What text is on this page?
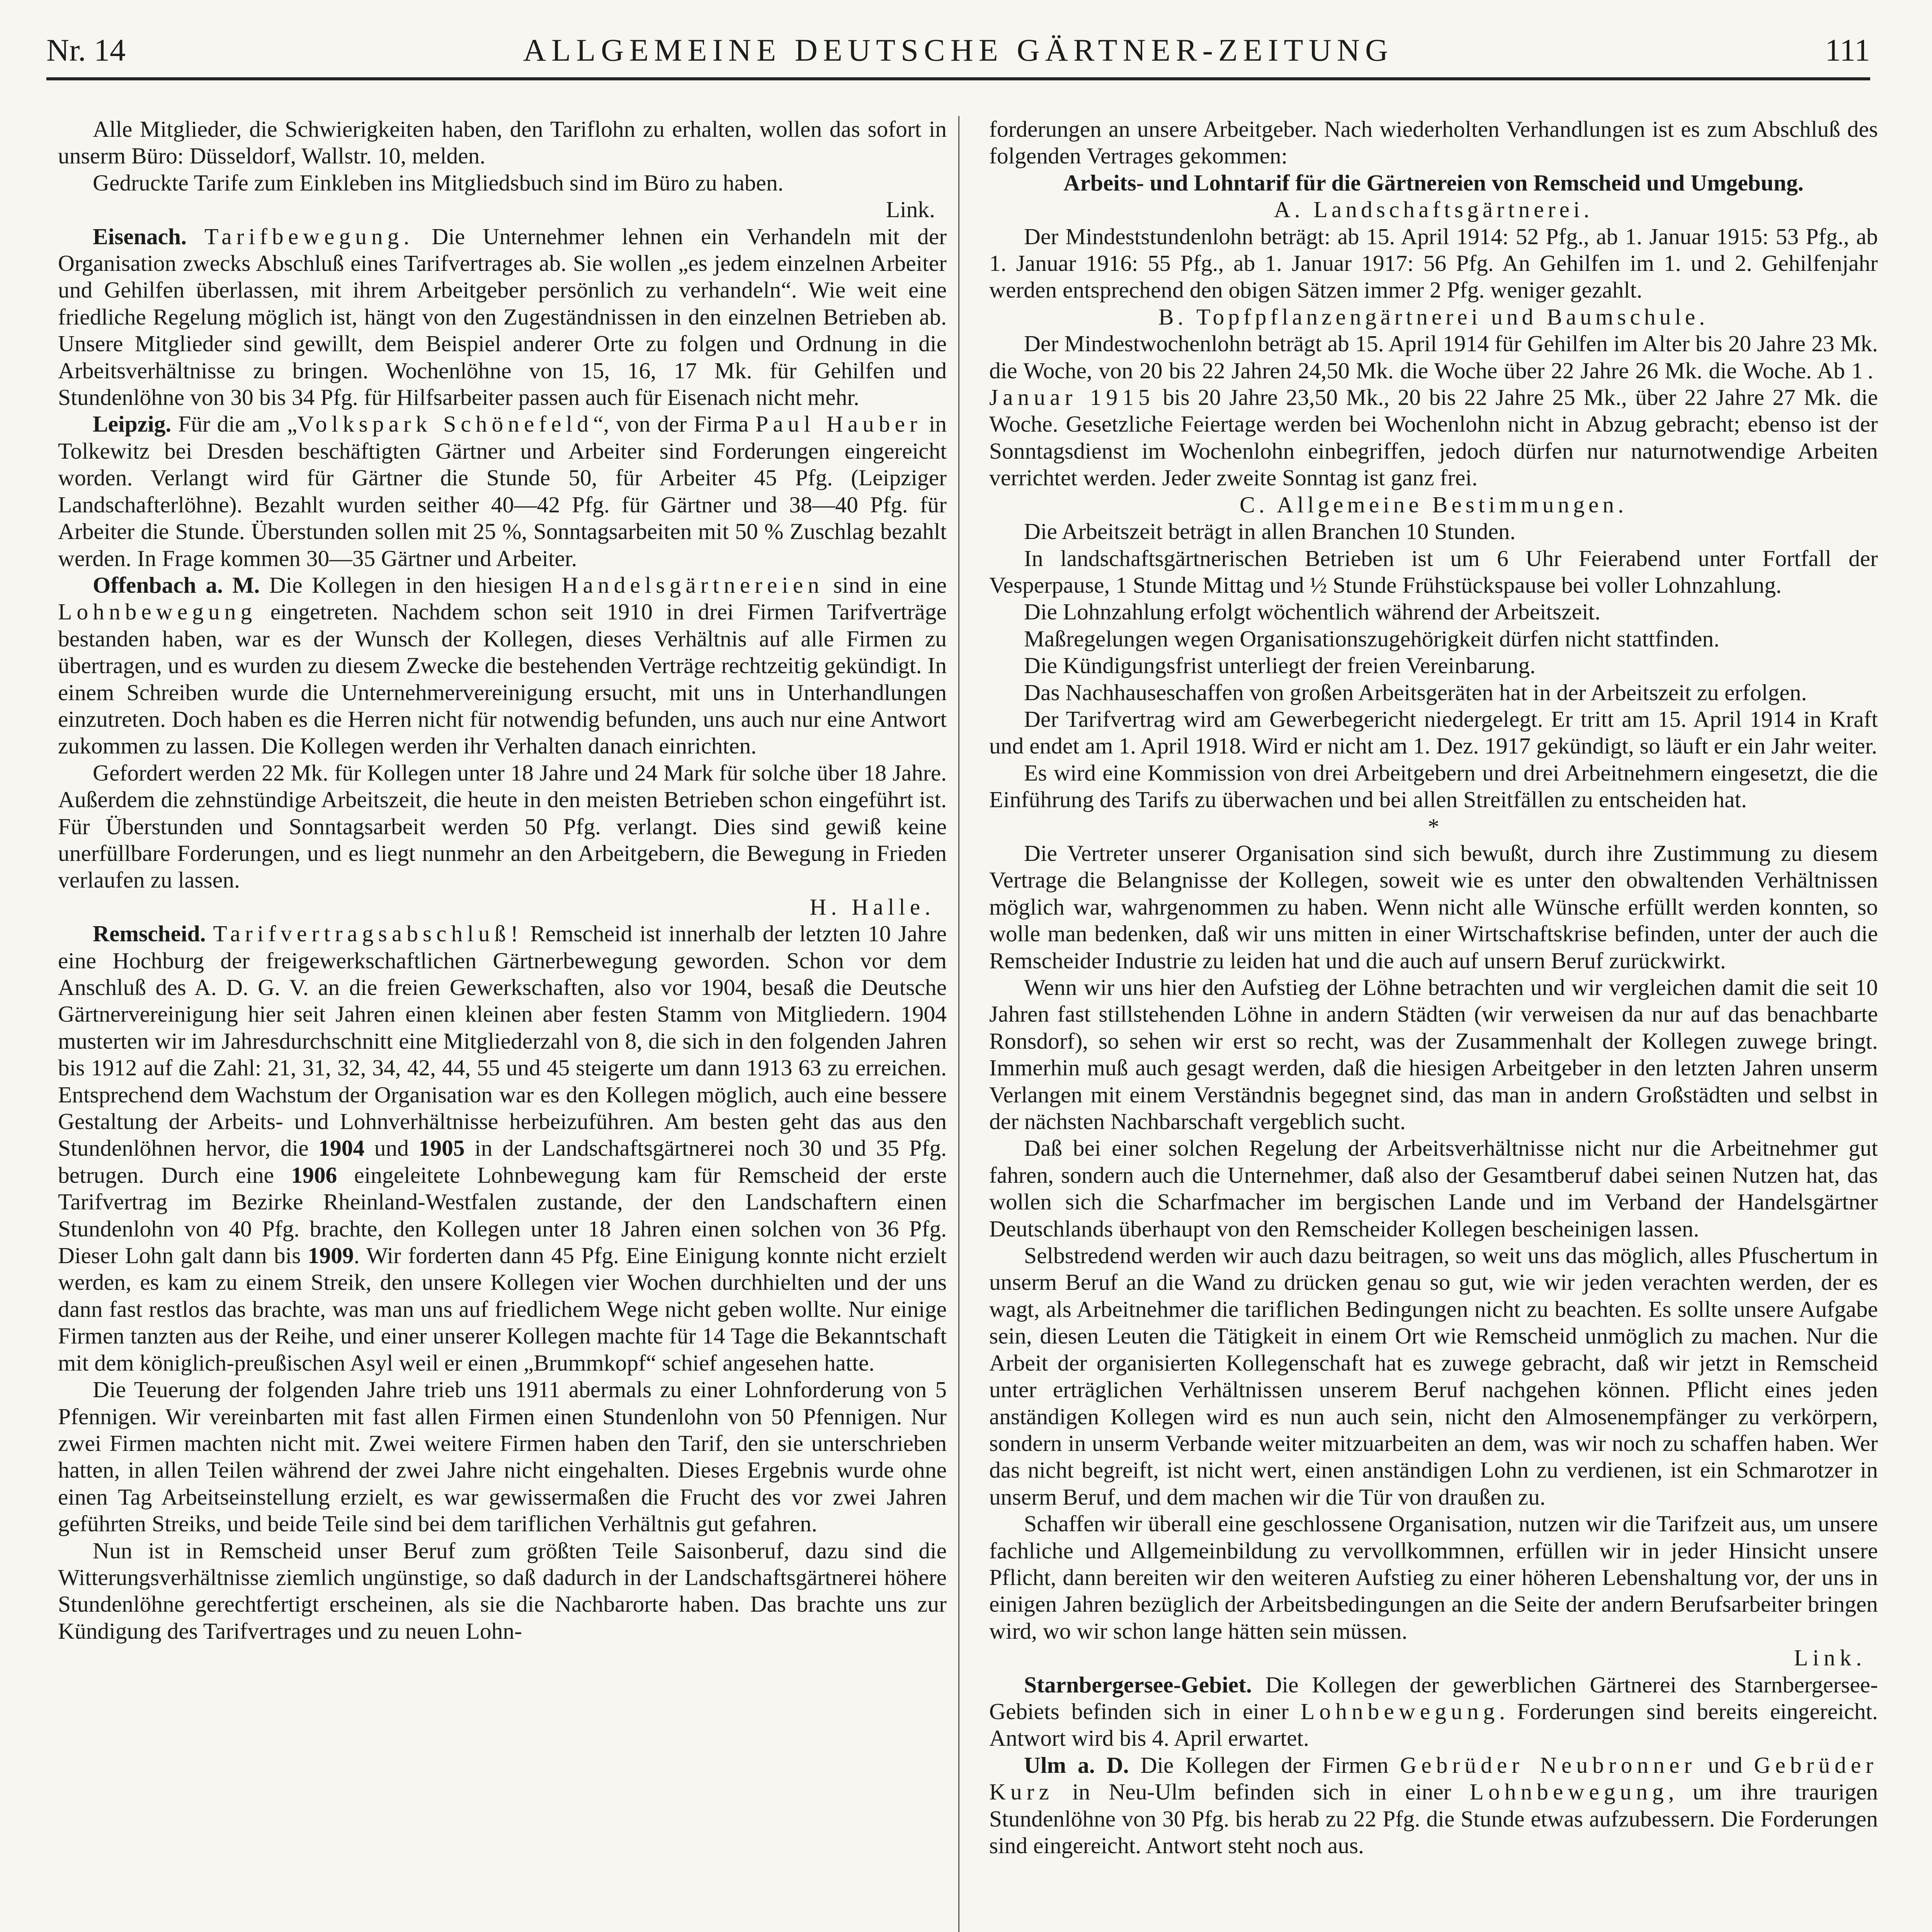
Nr. 14	ALLGEMEINE DEUTSCHE GÄRTNER-ZEITUNG	111

Alle Mitglieder, die Schwierigkeiten haben, den Tariflohn zu erhalten, wollen das sofort in unserm Büro: Düsseldorf, Wallstr. 10, melden.

Gedruckte Tarife zum Einkleben ins Mitgliedsbuch sind im Büro zu haben.

Link.

Eisenach. Tarifbewegung. Die Unternehmer lehnen ein Verhandeln mit der Organisation zwecks Abschluß eines Tarifvertrages ab. Sie wollen „es jedem einzelnen Arbeiter und Gehilfen überlassen, mit ihrem Arbeitgeber persönlich zu verhandeln“. Wie weit eine friedliche Regelung möglich ist, hängt von den Zugeständnissen in den einzelnen Betrieben ab. Unsere Mitglieder sind gewillt, dem Beispiel anderer Orte zu folgen und Ordnung in die Arbeitsverhältnisse zu bringen. Wochenlöhne von 15, 16, 17 Mk. für Gehilfen und Stundenlöhne von 30 bis 34 Pfg. für Hilfsarbeiter passen auch für Eisenach nicht mehr.

Leipzig. Für die am „Volkspark Schönefeld“, von der Firma Paul Hauber in Tolkewitz bei Dresden beschäftigten Gärtner und Arbeiter sind Forderungen eingereicht worden. Verlangt wird für Gärtner die Stunde 50, für Arbeiter 45 Pfg. (Leipziger Landschafterlöhne). Bezahlt wurden seither 40—42 Pfg. für Gärtner und 38—40 Pfg. für Arbeiter die Stunde. Überstunden sollen mit 25 %, Sonntagsarbeiten mit 50 % Zuschlag bezahlt werden. In Frage kommen 30—35 Gärtner und Arbeiter.

Offenbach a. M. Die Kollegen in den hiesigen Handelsgärtnereien sind in eine Lohnbewegung eingetreten. Nachdem schon seit 1910 in drei Firmen Tarifverträge bestanden haben, war es der Wunsch der Kollegen, dieses Verhältnis auf alle Firmen zu übertragen, und es wurden zu diesem Zwecke die bestehenden Verträge rechtzeitig gekündigt. In einem Schreiben wurde die Unternehmervereinigung ersucht, mit uns in Unterhandlungen einzutreten. Doch haben es die Herren nicht für notwendig befunden, uns auch nur eine Antwort zukommen zu lassen. Die Kollegen werden ihr Verhalten danach einrichten.

Gefordert werden 22 Mk. für Kollegen unter 18 Jahre und 24 Mark für solche über 18 Jahre. Außerdem die zehnstündige Arbeitszeit, die heute in den meisten Betrieben schon eingeführt ist. Für Überstunden und Sonntagsarbeit werden 50 Pfg. verlangt. Dies sind gewiß keine unerfüllbare Forderungen, und es liegt nunmehr an den Arbeitgebern, die Bewegung in Frieden verlaufen zu lassen.

H. Halle.

Remscheid. Tarifvertragsabschluß! Remscheid ist innerhalb der letzten 10 Jahre eine Hochburg der freigewerkschaftlichen Gärtnerbewegung geworden. Schon vor dem Anschluß des A. D. G. V. an die freien Gewerkschaften, also vor 1904, besaß die Deutsche Gärtnervereinigung hier seit Jahren einen kleinen aber festen Stamm von Mitgliedern. 1904 musterten wir im Jahresdurchschnitt eine Mitgliederzahl von 8, die sich in den folgenden Jahren bis 1912 auf die Zahl: 21, 31, 32, 34, 42, 44, 55 und 45 steigerte um dann 1913 63 zu erreichen. Entsprechend dem Wachstum der Organisation war es den Kollegen möglich, auch eine bessere Gestaltung der Arbeits- und Lohnverhältnisse herbeizuführen. Am besten geht das aus den Stundenlöhnen hervor, die 1904 und 1905 in der Landschaftsgärtnerei noch 30 und 35 Pfg. betrugen. Durch eine 1906 eingeleitete Lohnbewegung kam für Remscheid der erste Tarifvertrag im Bezirke Rheinland-Westfalen zustande, der den Landschaftern einen Stundenlohn von 40 Pfg. brachte, den Kollegen unter 18 Jahren einen solchen von 36 Pfg. Dieser Lohn galt dann bis 1909. Wir forderten dann 45 Pfg. Eine Einigung konnte nicht erzielt werden, es kam zu einem Streik, den unsere Kollegen vier Wochen durchhielten und der uns dann fast restlos das brachte, was man uns auf friedlichem Wege nicht geben wollte. Nur einige Firmen tanzten aus der Reihe, und einer unserer Kollegen machte für 14 Tage die Bekanntschaft mit dem königlich-preußischen Asyl weil er einen „Brummkopf“ schief angesehen hatte.

Die Teuerung der folgenden Jahre trieb uns 1911 abermals zu einer Lohnforderung von 5 Pfennigen. Wir vereinbarten mit fast allen Firmen einen Stundenlohn von 50 Pfennigen. Nur zwei Firmen machten nicht mit. Zwei weitere Firmen haben den Tarif, den sie unterschrieben hatten, in allen Teilen während der zwei Jahre nicht eingehalten. Dieses Ergebnis wurde ohne einen Tag Arbeitseinstellung erzielt, es war gewissermaßen die Frucht des vor zwei Jahren geführten Streiks, und beide Teile sind bei dem tariflichen Verhältnis gut gefahren.

Nun ist in Remscheid unser Beruf zum größten Teile Saisonberuf, dazu sind die Witterungsverhältnisse ziemlich ungünstige, so daß dadurch in der Landschaftsgärtnerei höhere Stundenlöhne gerechtfertigt erscheinen, als sie die Nachbarorte haben. Das brachte uns zur Kündigung des Tarifvertrages und zu neuen Lohn-

forderungen an unsere Arbeitgeber. Nach wiederholten Verhandlungen ist es zum Abschluß des folgenden Vertrages gekommen:

Arbeits- und Lohntarif für die Gärtnereien von Remscheid und Umgebung.

A. Landschaftsgärtnerei.

Der Mindeststundenlohn beträgt: ab 15. April 1914: 52 Pfg., ab 1. Januar 1915: 53 Pfg., ab 1. Januar 1916: 55 Pfg., ab 1. Januar 1917: 56 Pfg. An Gehilfen im 1. und 2. Gehilfenjahr werden entsprechend den obigen Sätzen immer 2 Pfg. weniger gezahlt.

B. Topfpflanzengärtnerei und Baumschule.

Der Mindestwochenlohn beträgt ab 15. April 1914 für Gehilfen im Alter bis 20 Jahre 23 Mk. die Woche, von 20 bis 22 Jahren 24,50 Mk. die Woche über 22 Jahre 26 Mk. die Woche. Ab 1. Januar 1915 bis 20 Jahre 23,50 Mk., 20 bis 22 Jahre 25 Mk., über 22 Jahre 27 Mk. die Woche. Gesetzliche Feiertage werden bei Wochenlohn nicht in Abzug gebracht; ebenso ist der Sonntagsdienst im Wochenlohn einbegriffen, jedoch dürfen nur naturnotwendige Arbeiten verrichtet werden. Jeder zweite Sonntag ist ganz frei.

C. Allgemeine Bestimmungen.

Die Arbeitszeit beträgt in allen Branchen 10 Stunden.

In landschaftsgärtnerischen Betrieben ist um 6 Uhr Feierabend unter Fortfall der Vesperpause, 1 Stunde Mittag und ½ Stunde Frühstückspause bei voller Lohnzahlung.

Die Lohnzahlung erfolgt wöchentlich während der Arbeitszeit.

Maßregelungen wegen Organisationszugehörigkeit dürfen nicht stattfinden.

Die Kündigungsfrist unterliegt der freien Vereinbarung.

Das Nachhauseschaffen von großen Arbeitsgeräten hat in der Arbeitszeit zu erfolgen.

Der Tarifvertrag wird am Gewerbegericht niedergelegt. Er tritt am 15. April 1914 in Kraft und endet am 1. April 1918. Wird er nicht am 1. Dez. 1917 gekündigt, so läuft er ein Jahr weiter.

Es wird eine Kommission von drei Arbeitgebern und drei Arbeitnehmern eingesetzt, die die Einführung des Tarifs zu überwachen und bei allen Streitfällen zu entscheiden hat.

*

Die Vertreter unserer Organisation sind sich bewußt, durch ihre Zustimmung zu diesem Vertrage die Belangnisse der Kollegen, soweit wie es unter den obwaltenden Verhältnissen möglich war, wahrgenommen zu haben. Wenn nicht alle Wünsche erfüllt werden konnten, so wolle man bedenken, daß wir uns mitten in einer Wirtschaftskrise befinden, unter der auch die Remscheider Industrie zu leiden hat und die auch auf unsern Beruf zurückwirkt.

Wenn wir uns hier den Aufstieg der Löhne betrachten und wir vergleichen damit die seit 10 Jahren fast stillstehenden Löhne in andern Städten (wir verweisen da nur auf das benachbarte Ronsdorf), so sehen wir erst so recht, was der Zusammenhalt der Kollegen zuwege bringt. Immerhin muß auch gesagt werden, daß die hiesigen Arbeitgeber in den letzten Jahren unserm Verlangen mit einem Verständnis begegnet sind, das man in andern Großstädten und selbst in der nächsten Nachbarschaft vergeblich sucht.

Daß bei einer solchen Regelung der Arbeitsverhältnisse nicht nur die Arbeitnehmer gut fahren, sondern auch die Unternehmer, daß also der Gesamtberuf dabei seinen Nutzen hat, das wollen sich die Scharfmacher im bergischen Lande und im Verband der Handelsgärtner Deutschlands überhaupt von den Remscheider Kollegen bescheinigen lassen.

Selbstredend werden wir auch dazu beitragen, so weit uns das möglich, alles Pfuschertum in unserm Beruf an die Wand zu drücken genau so gut, wie wir jeden verachten werden, der es wagt, als Arbeitnehmer die tariflichen Bedingungen nicht zu beachten. Es sollte unsere Aufgabe sein, diesen Leuten die Tätigkeit in einem Ort wie Remscheid unmöglich zu machen. Nur die Arbeit der organisierten Kollegenschaft hat es zuwege gebracht, daß wir jetzt in Remscheid unter erträglichen Verhältnissen unserem Beruf nachgehen können. Pflicht eines jeden anständigen Kollegen wird es nun auch sein, nicht den Almosenempfänger zu verkörpern, sondern in unserm Verbande weiter mitzuarbeiten an dem, was wir noch zu schaffen haben. Wer das nicht begreift, ist nicht wert, einen anständigen Lohn zu verdienen, ist ein Schmarotzer in unserm Beruf, und dem machen wir die Tür von draußen zu.

Schaffen wir überall eine geschlossene Organisation, nutzen wir die Tarifzeit aus, um unsere fachliche und Allgemeinbildung zu vervollkommnen, erfüllen wir in jeder Hinsicht unsere Pflicht, dann bereiten wir den weiteren Aufstieg zu einer höheren Lebenshaltung vor, der uns in einigen Jahren bezüglich der Arbeitsbedingungen an die Seite der andern Berufsarbeiter bringen wird, wo wir schon lange hätten sein müssen.

Link.

Starnbergersee-Gebiet. Die Kollegen der gewerblichen Gärtnerei des Starnbergersee-Gebiets befinden sich in einer Lohnbewegung. Forderungen sind bereits eingereicht. Antwort wird bis 4. April erwartet.

Ulm a. D. Die Kollegen der Firmen Gebrüder Neubronner und Gebrüder Kurz in Neu-Ulm befinden sich in einer Lohnbewegung, um ihre traurigen Stundenlöhne von 30 Pfg. bis herab zu 22 Pfg. die Stunde etwas aufzubessern. Die Forderungen sind eingereicht. Antwort steht noch aus.
